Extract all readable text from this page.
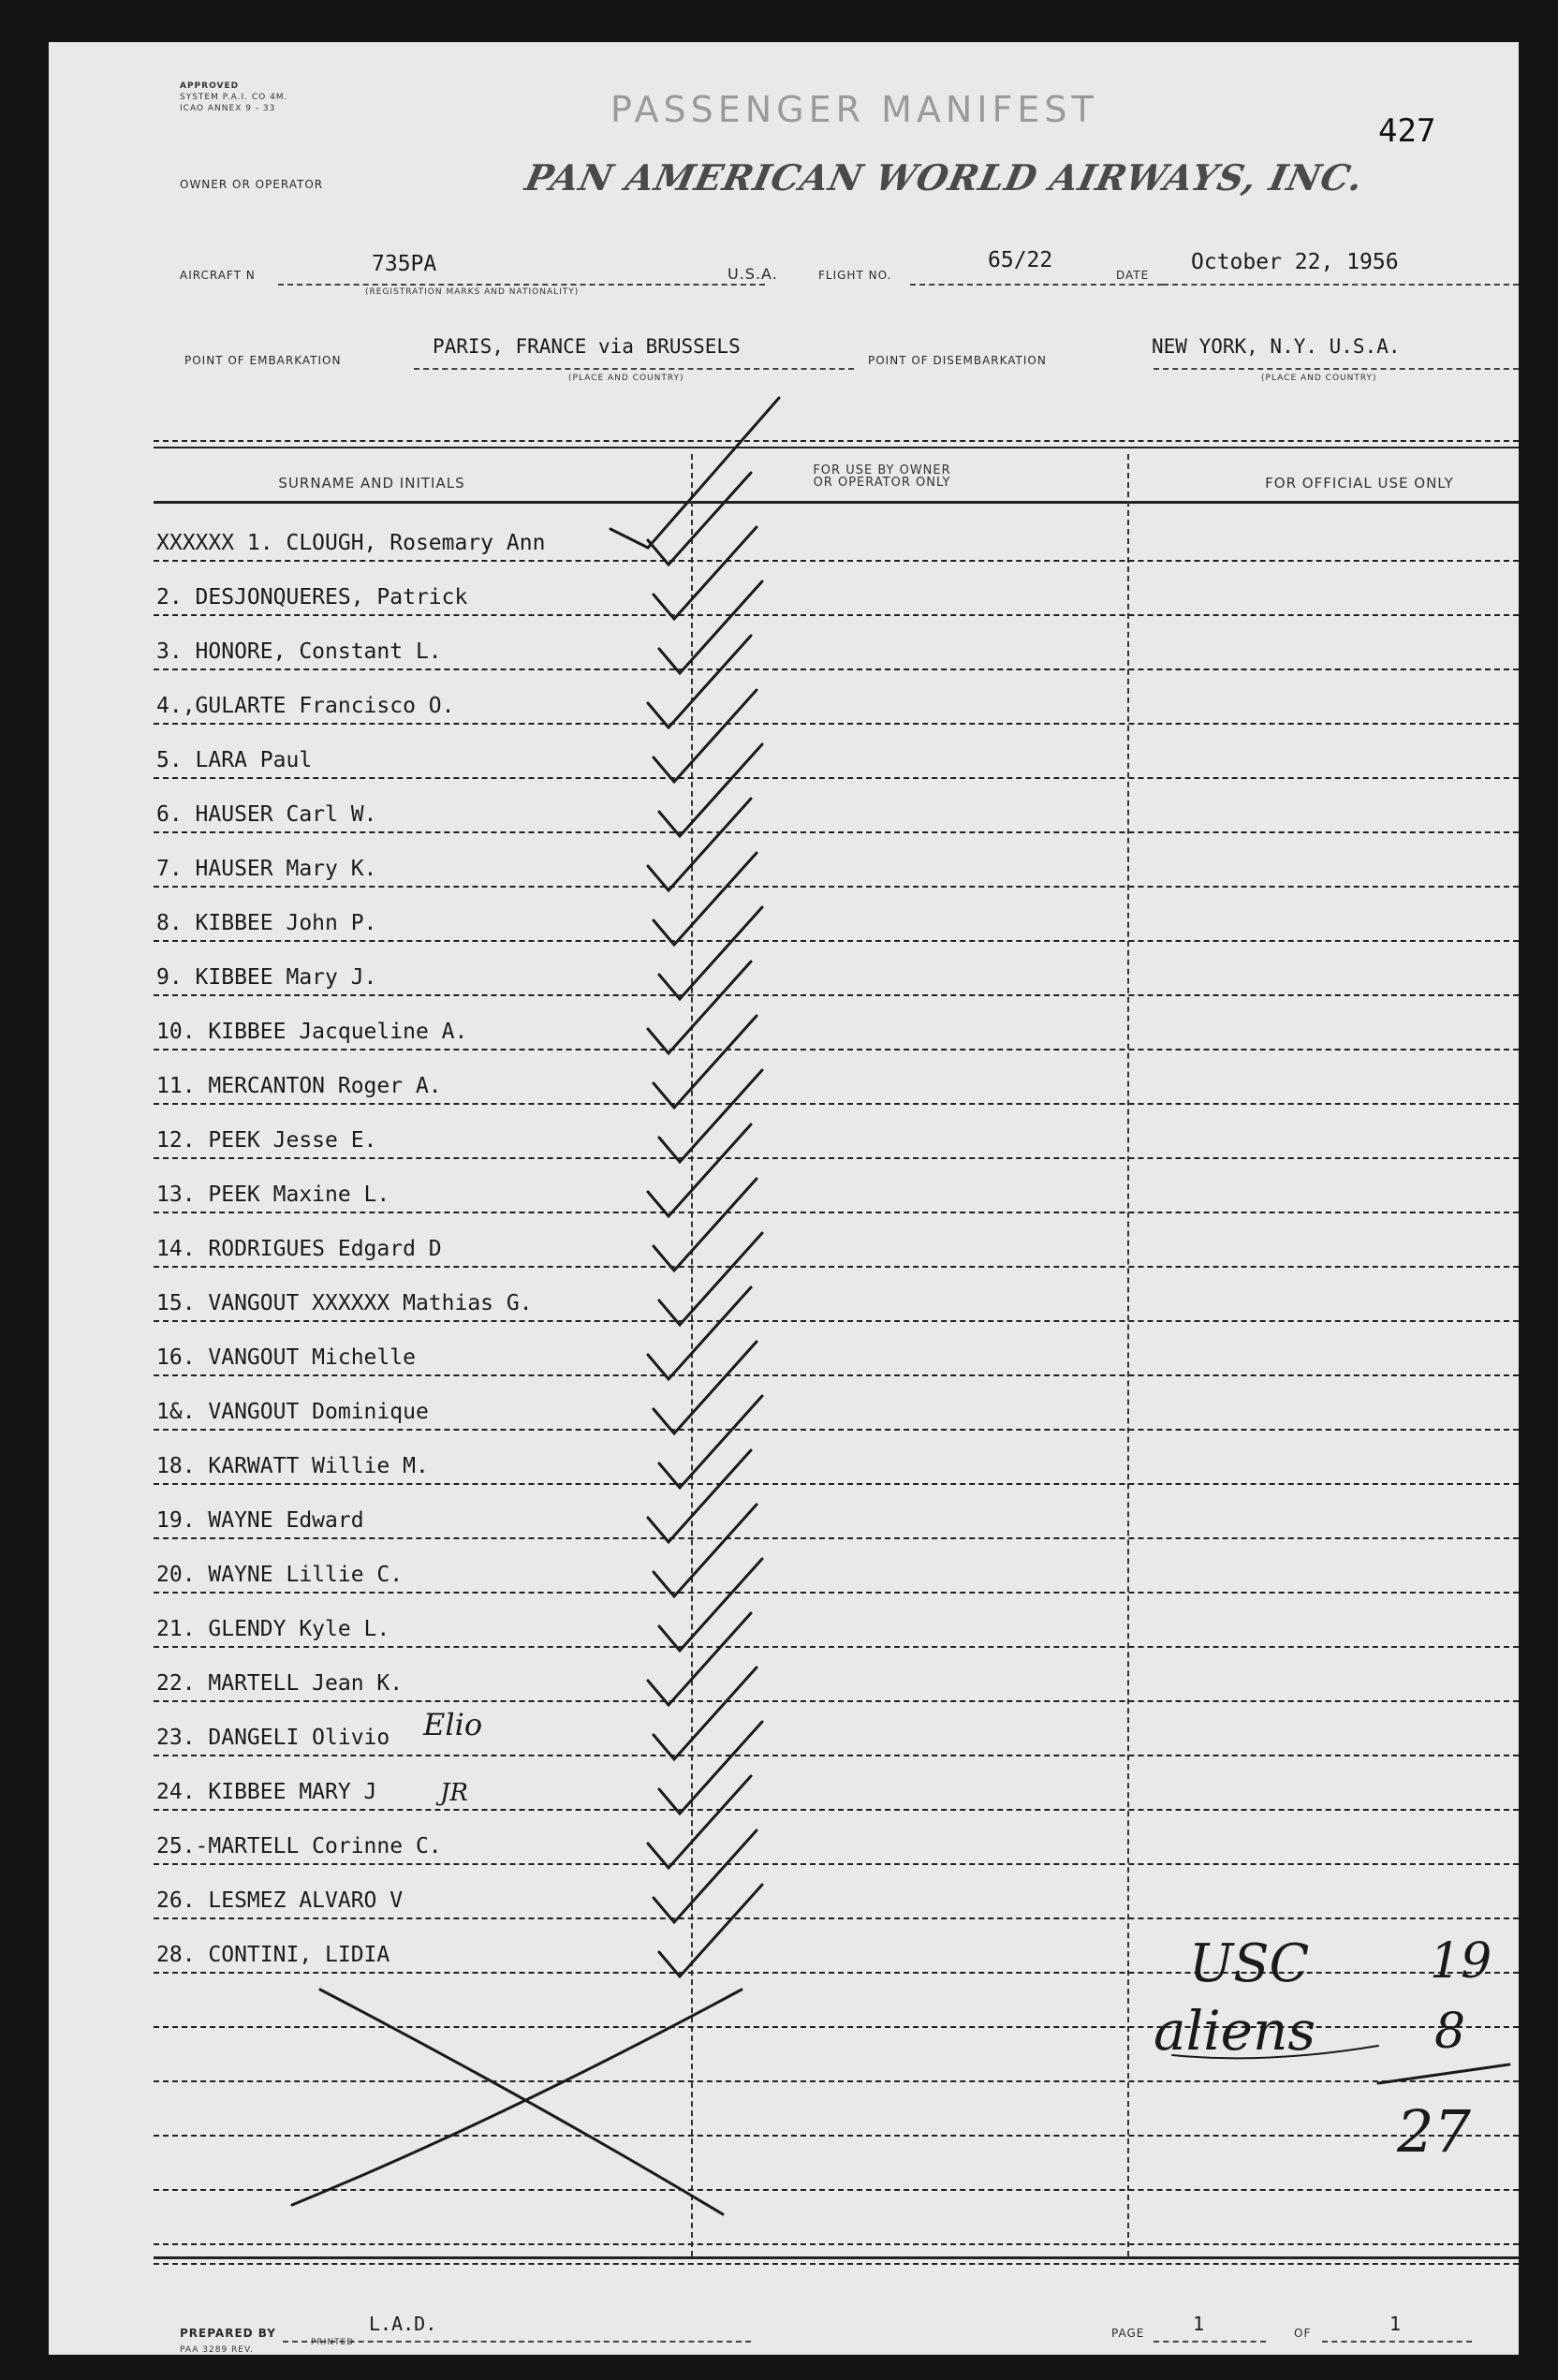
APPROVED
SYSTEM P.A.I. CO 4M.
ICAO ANNEX 9 - 33
OWNER OR OPERATOR
PASSENGER MANIFEST
PAN AMERICAN WORLD AIRWAYS, INC.
427
AIRCRAFT N	735PA
(REGISTRATION MARKS AND NATIONALITY)
U.S.A.	FLIGHT NO.
65/22
DATE
October 22, 1956
POINT OF EMBARKATION
PARIS, FRANCE via BRUSSELS
(PLACE AND COUNTRY)
POINT OF DISEMBARKATION
NEW YORK, N.Y. U.S.A.
(PLACE AND COUNTRY)
SURNAME AND INITIALS
FOR USE BY OWNER
OR OPERATOR ONLY	FOR OFFICIAL USE ONLY
XXXXXX 1. CLOUGH, Rosemary Ann
2. DESJONQUERES, Patrick
3. HONORE, Constant L.
4.,GULARTE Francisco O.
5. LARA Paul
6. HAUSER Carl W.
7. HAUSER Mary K.
8. KIBBEE John P.
9. KIBBEE Mary J.
10. KIBBEE Jacqueline A.
11. MERCANTON Roger A.
12. PEEK Jesse E.
13. PEEK Maxine L.
14. RODRIGUES Edgard D
15. VANGOUT XXXXXX Mathias G.
16. VANGOUT Michelle
1&. VANGOUT Dominique
18. KARWATT Willie M.
19. WAYNE Edward
20. WAYNE Lillie C.
21. GLENDY Kyle L.
22. MARTELL Jean K.
23. DANGELI Olivio
24. KIBBEE MARY J
25.-MARTELL Corinne C.
26. LESMEZ ALVARO V
28. CONTINI, LIDIA
Elio
JR
USC 19
aliens 8
27
PREPARED BY	L.A.D.	PAGE	1	OF	1
PAA 3289 REV.
PRINTED
